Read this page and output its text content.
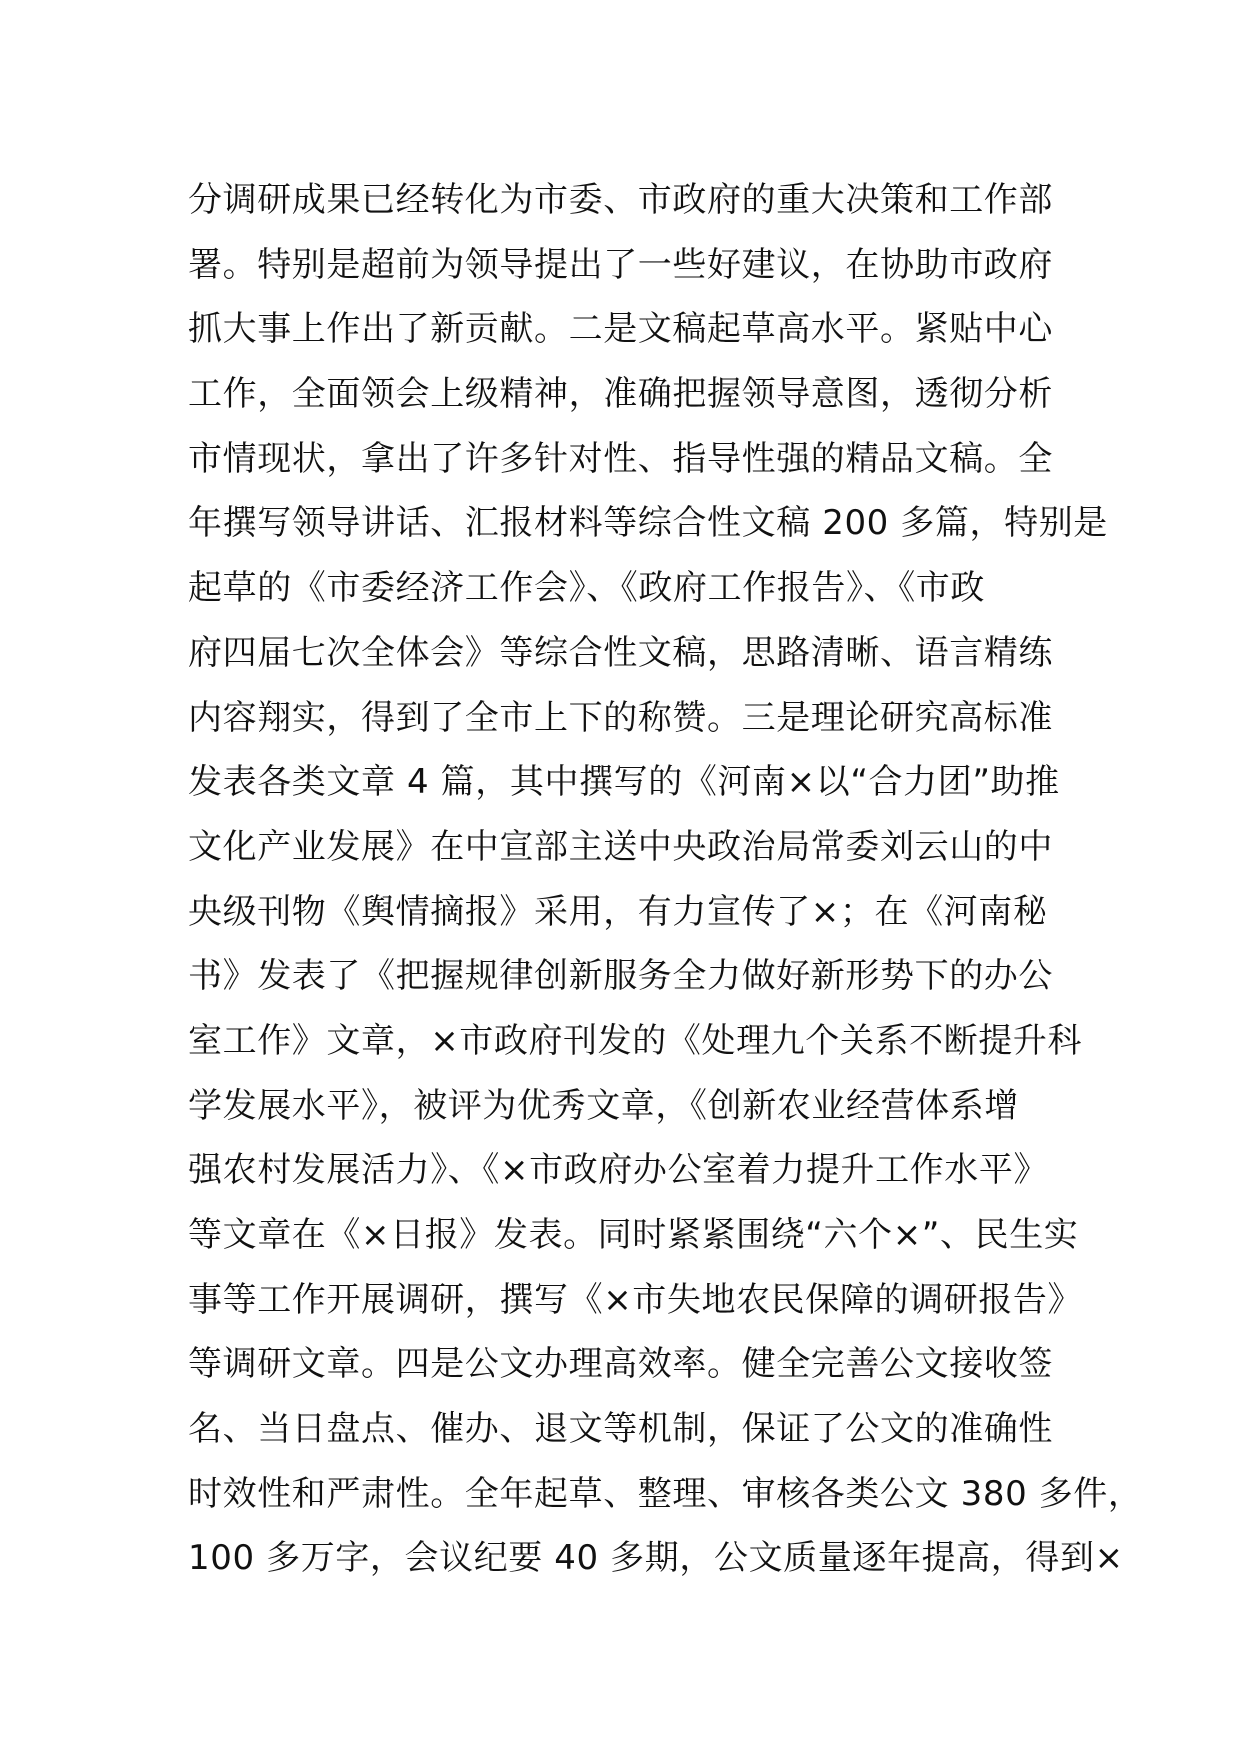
分调研成果已经转化为市委、市政府的重大决策和工作部
署。特别是超前为领导提出了一些好建议，在协助市政府
抓大事上作出了新贡献。二是文稿起草高水平。紧贴中心
工作，全面领会上级精神，准确把握领导意图，透彻分析
市情现状，拿出了许多针对性、指导性强的精品文稿。全
年撰写领导讲话、汇报材料等综合性文稿 200 多篇，特别是
起草的《市委经济工作会》、《政府工作报告》、《市政
府四届七次全体会》等综合性文稿，思路清晰、语言精练
内容翔实，得到了全市上下的称赞。三是理论研究高标准
发表各类文章 4 篇，其中撰写的《河南×以“合力团”助推
文化产业发展》在中宣部主送中央政治局常委刘云山的中
央级刊物《舆情摘报》采用，有力宣传了×；在《河南秘
书》发表了《把握规律创新服务全力做好新形势下的办公
室工作》文章，×市政府刊发的《处理九个关系不断提升科
学发展水平》，被评为优秀文章，《创新农业经营体系增
强农村发展活力》、《×市政府办公室着力提升工作水平》
等文章在《×日报》发表。同时紧紧围绕“六个×”、民生实
事等工作开展调研，撰写《×市失地农民保障的调研报告》
等调研文章。四是公文办理高效率。健全完善公文接收签
名、当日盘点、催办、退文等机制，保证了公文的准确性
时效性和严肃性。全年起草、整理、审核各类公文 380 多件，
100 多万字，会议纪要 40 多期，公文质量逐年提高，得到×
